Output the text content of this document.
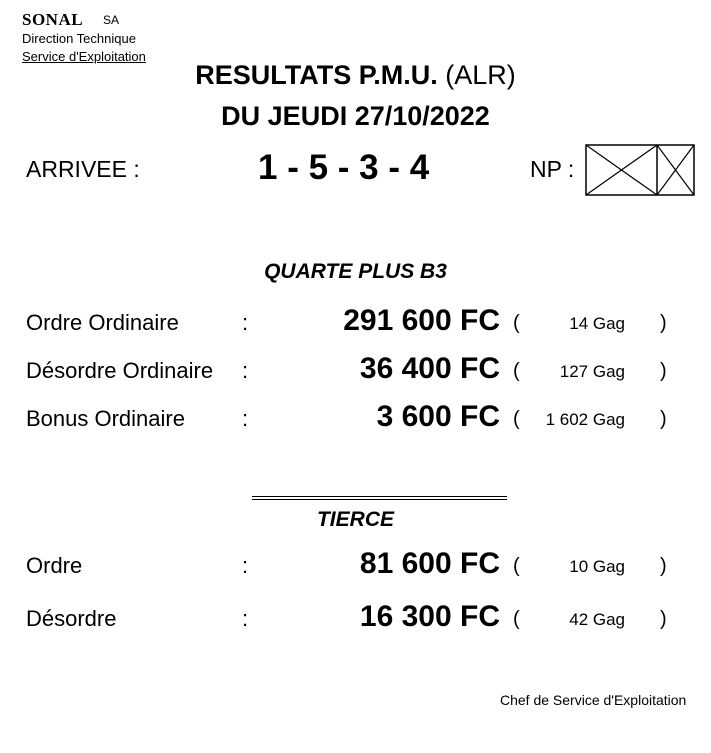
SONAL SA
Direction Technique
Service d'Exploitation
RESULTATS P.M.U. (ALR)
DU JEUDI 27/10/2022
ARRIVEE :	1 - 5 - 3 - 4	NP :
QUARTE PLUS B3
Ordre Ordinaire	:	291 600 FC (	14 Gag )
Désordre Ordinaire :	36 400 FC (	127 Gag )
Bonus Ordinaire	:	3 600 FC (	1 602 Gag )
TIERCE
Ordre	:	81 600 FC (	10 Gag )
Désordre	:	16 300 FC (	42 Gag )
Chef de Service d'Exploitation
